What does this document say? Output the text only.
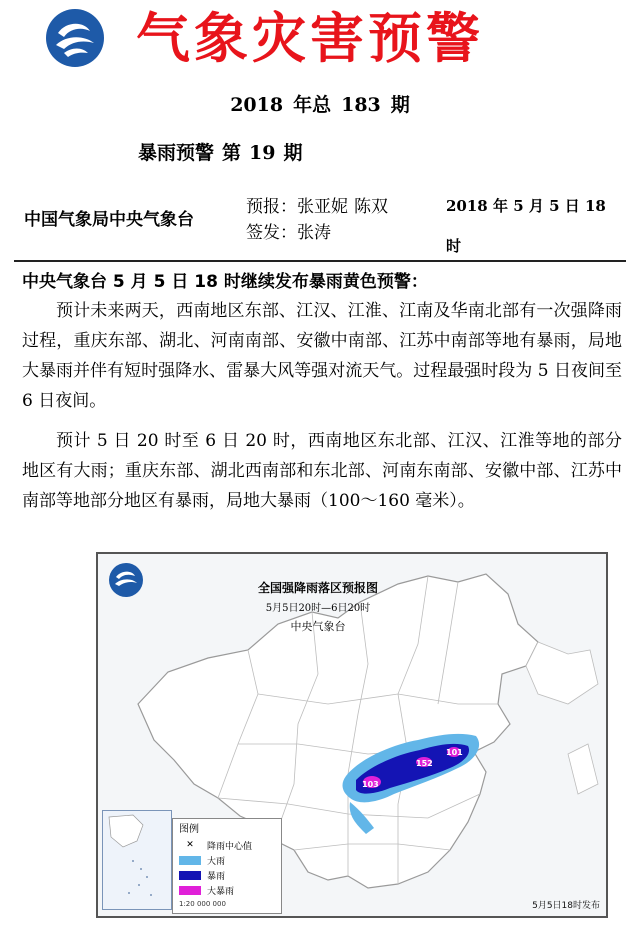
气象灾害预警
2018 年总 183 期
暴雨预警 第 19 期
中国气象局中央气象台
预报：张亚妮 陈双
签发：张涛
2018 年 5 月 5 日 18
时
中央气象台 5 月 5 日 18 时继续发布暴雨黄色预警：

预计未来两天，西南地区东部、江汉、江淮、江南及华南北部有一次强降雨过程，重庆东部、湖北、河南南部、安徽中南部、江苏中南部等地有暴雨，局地大暴雨并伴有短时强降水、雷暴大风等强对流天气。过程最强时段为 5 日夜间至 6 日夜间。

预计 5 日 20 时至 6 日 20 时，西南地区东北部、江汉、江淮等地的部分地区有大雨；重庆东部、湖北西南部和东北部、河南东南部、安徽中部、江苏中南部等地部分地区有暴雨，局地大暴雨（100～160 毫米）。

103
152
101
全国强降雨落区预报图
5月5日20时—6日20时
中央气象台
图例
✕	降雨中心值
大雨
暴雨
大暴雨
1:20 000 000	5月5日18时发布
